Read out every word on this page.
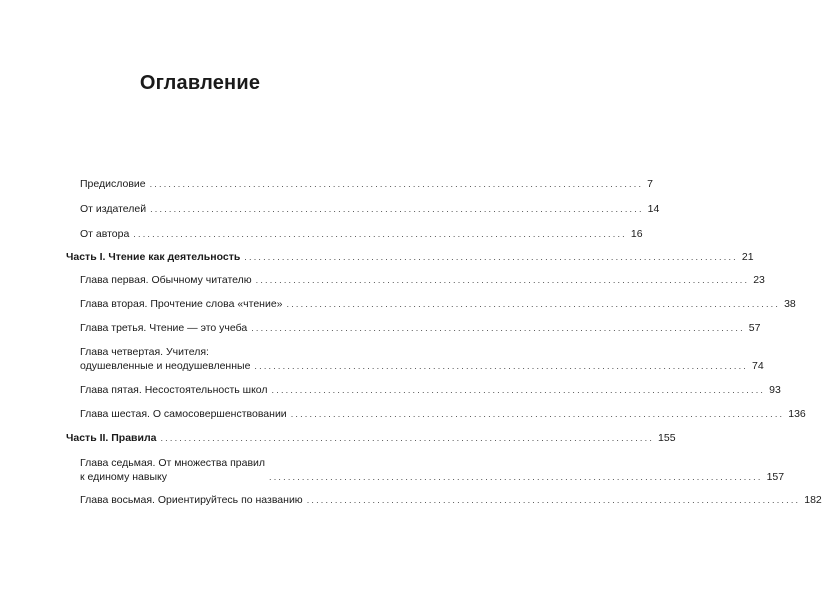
Оглавление
Предисловие ......................................................................................................... 7
От издателей ......................................................................................................... 14
От автора ......................................................................................................... 16
Часть I. Чтение как деятельность ......................................................................................................... 21
Глава первая. Обычному читателю ......................................................................................................... 23
Глава вторая. Прочтение слова «чтение» ......................................................................................................... 38
Глава третья. Чтение — это учеба ......................................................................................................... 57
Глава четвертая. Учителя:
одушевленные и неодушевленные ......................................................................................................... 74
Глава пятая. Несостоятельность школ ......................................................................................................... 93
Глава шестая. О самосовершенствовании ......................................................................................................... 136
Часть II. Правила ......................................................................................................... 155
Глава седьмая. От множества правил
к единому навыку	......................................................................................................... 157
Глава восьмая. Ориентируйтесь по названию ......................................................................................................... 182
